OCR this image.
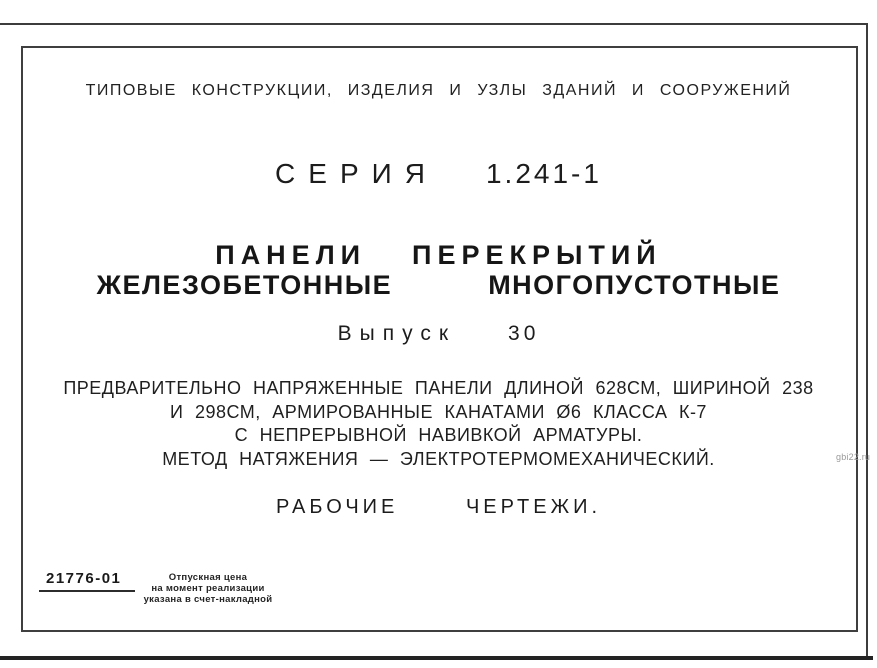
ТИПОВЫЕ КОНСТРУКЦИИ, ИЗДЕЛИЯ И УЗЛЫ ЗДАНИЙ И СООРУЖЕНИЙ
СЕРИЯ 1.241-1
ПАНЕЛИ ПЕРЕКРЫТИЙ
ЖЕЛЕЗОБЕТОННЫЕ	МНОГОПУСТОТНЫЕ
Выпуск 30
ПРЕДВАРИТЕЛЬНО НАПРЯЖЕННЫЕ ПАНЕЛИ ДЛИНОЙ 628СМ, ШИРИНОЙ 238
И 298СМ, АРМИРОВАННЫЕ КАНАТАМИ Ø6 КЛАССА К-7
С НЕПРЕРЫВНОЙ НАВИВКОЙ АРМАТУРЫ.
МЕТОД НАТЯЖЕНИЯ — ЭЛЕКТРОТЕРМОМЕХАНИЧЕСКИЙ.
РАБОЧИЕ ЧЕРТЕЖИ.
21776-01	Отпускная цена
на момент реализации
указана в счет-накладной
gbi22.ru
